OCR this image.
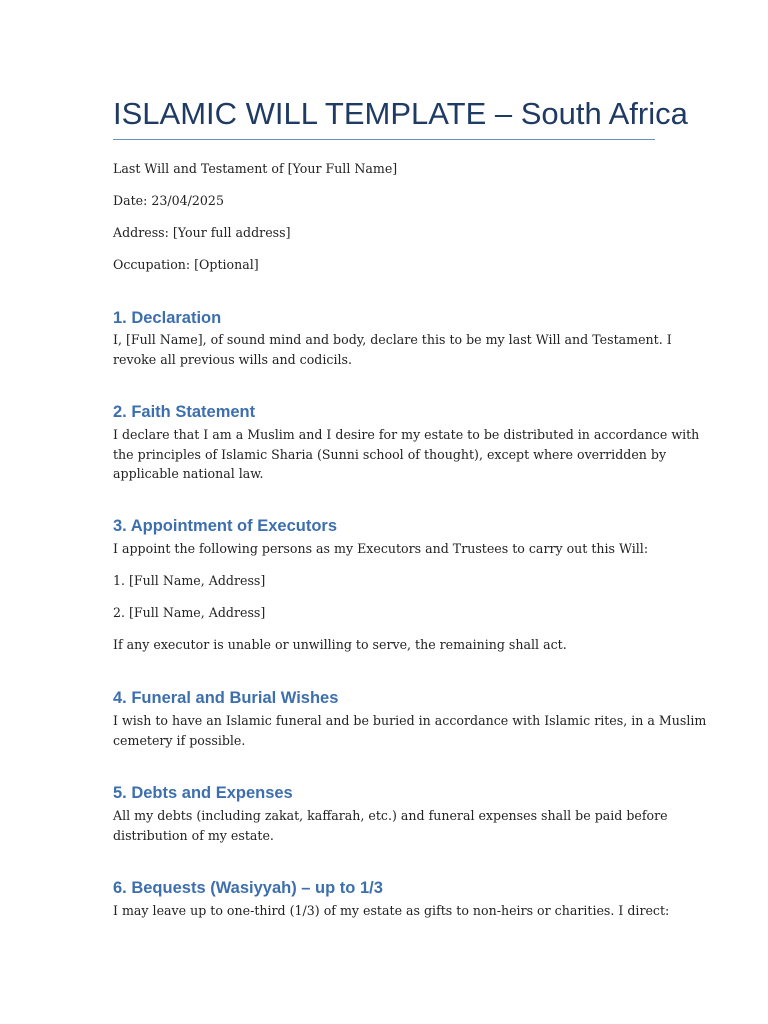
ISLAMIC WILL TEMPLATE – South Africa

Last Will and Testament of [Your Full Name]

Date: 23/04/2025

Address: [Your full address]

Occupation: [Optional]

1. Declaration

I, [Full Name], of sound mind and body, declare this to be my last Will and Testament. I
revoke all previous wills and codicils.

2. Faith Statement

I declare that I am a Muslim and I desire for my estate to be distributed in accordance with
the principles of Islamic Sharia (Sunni school of thought), except where overridden by
applicable national law.

3. Appointment of Executors

I appoint the following persons as my Executors and Trustees to carry out this Will:

1. [Full Name, Address]

2. [Full Name, Address]

If any executor is unable or unwilling to serve, the remaining shall act.

4. Funeral and Burial Wishes

I wish to have an Islamic funeral and be buried in accordance with Islamic rites, in a Muslim
cemetery if possible.

5. Debts and Expenses

All my debts (including zakat, kaffarah, etc.) and funeral expenses shall be paid before
distribution of my estate.

6. Bequests (Wasiyyah) – up to 1/3

I may leave up to one-third (1/3) of my estate as gifts to non-heirs or charities. I direct:
